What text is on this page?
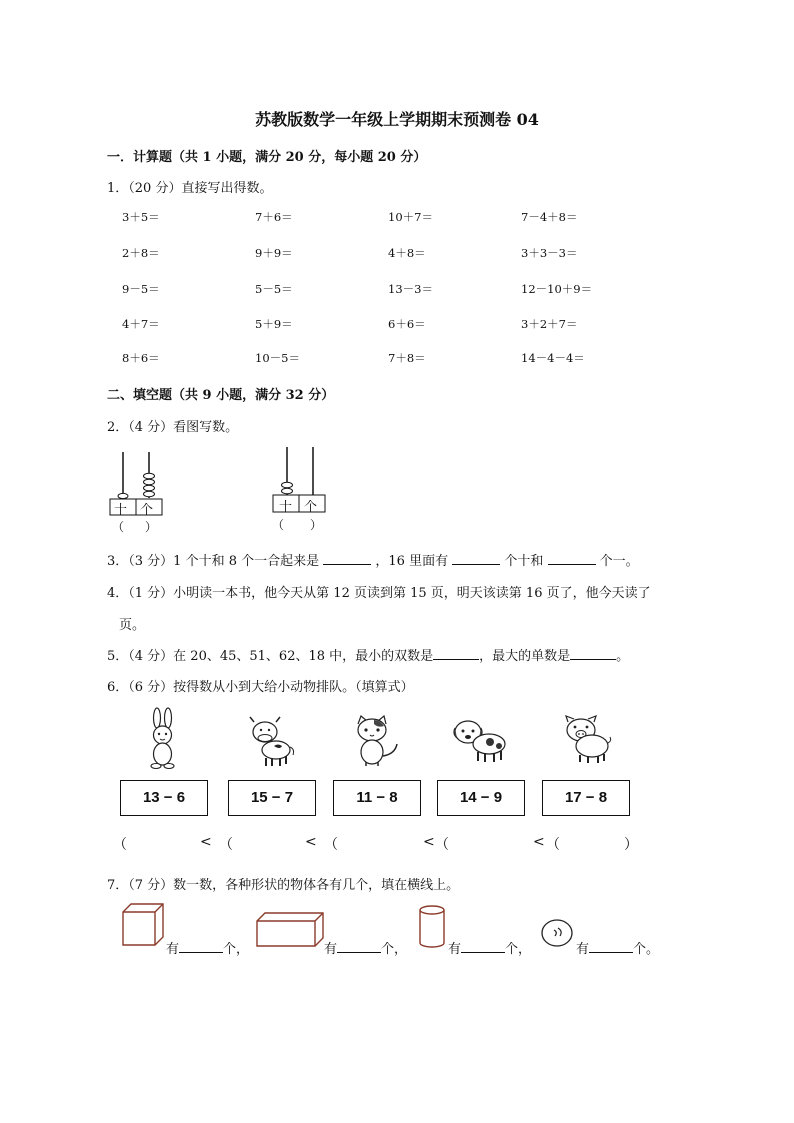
苏教版数学一年级上学期期末预测卷 04
一．计算题（共 1 小题，满分 20 分，每小题 20 分）
1．（20 分）直接写出得数。
3＋5＝	7＋6＝	10＋7＝	7－4＋8＝
2＋8＝	9＋9＝	4＋8＝	3＋3－3＝
9－5＝	5－5＝	13－3＝	12－10＋9＝
4＋7＝	5＋9＝	6＋6＝	3＋2＋7＝
8＋6＝	10－5＝	7＋8＝	14－4－4＝
二、填空题（共 9 小题，满分 32 分）
2．（4 分）看图写数。
十 个
（ ）
十 个
（ ）
3．（3 分）1 个十和 8 个一合起来是	，16 里面有	个十和	个一。
4．（1 分）小明读一本书，他今天从第 12 页读到第 15 页，明天该读第 16 页了，他今天读了
页。
5．（4 分）在 20、45、51、62、18 中，最小的双数是	，最大的单数是	。
6．（6 分）按得数从小到大给小动物排队。（填算式）
13 − 6	15 − 7	11 − 8	14 − 9	17 − 8
（	< （	< （	< （	< （	）
7．（7 分）数一数，各种形状的物体各有几个，填在横线上。
有	个，	有	个，	有	个，	有	个。
